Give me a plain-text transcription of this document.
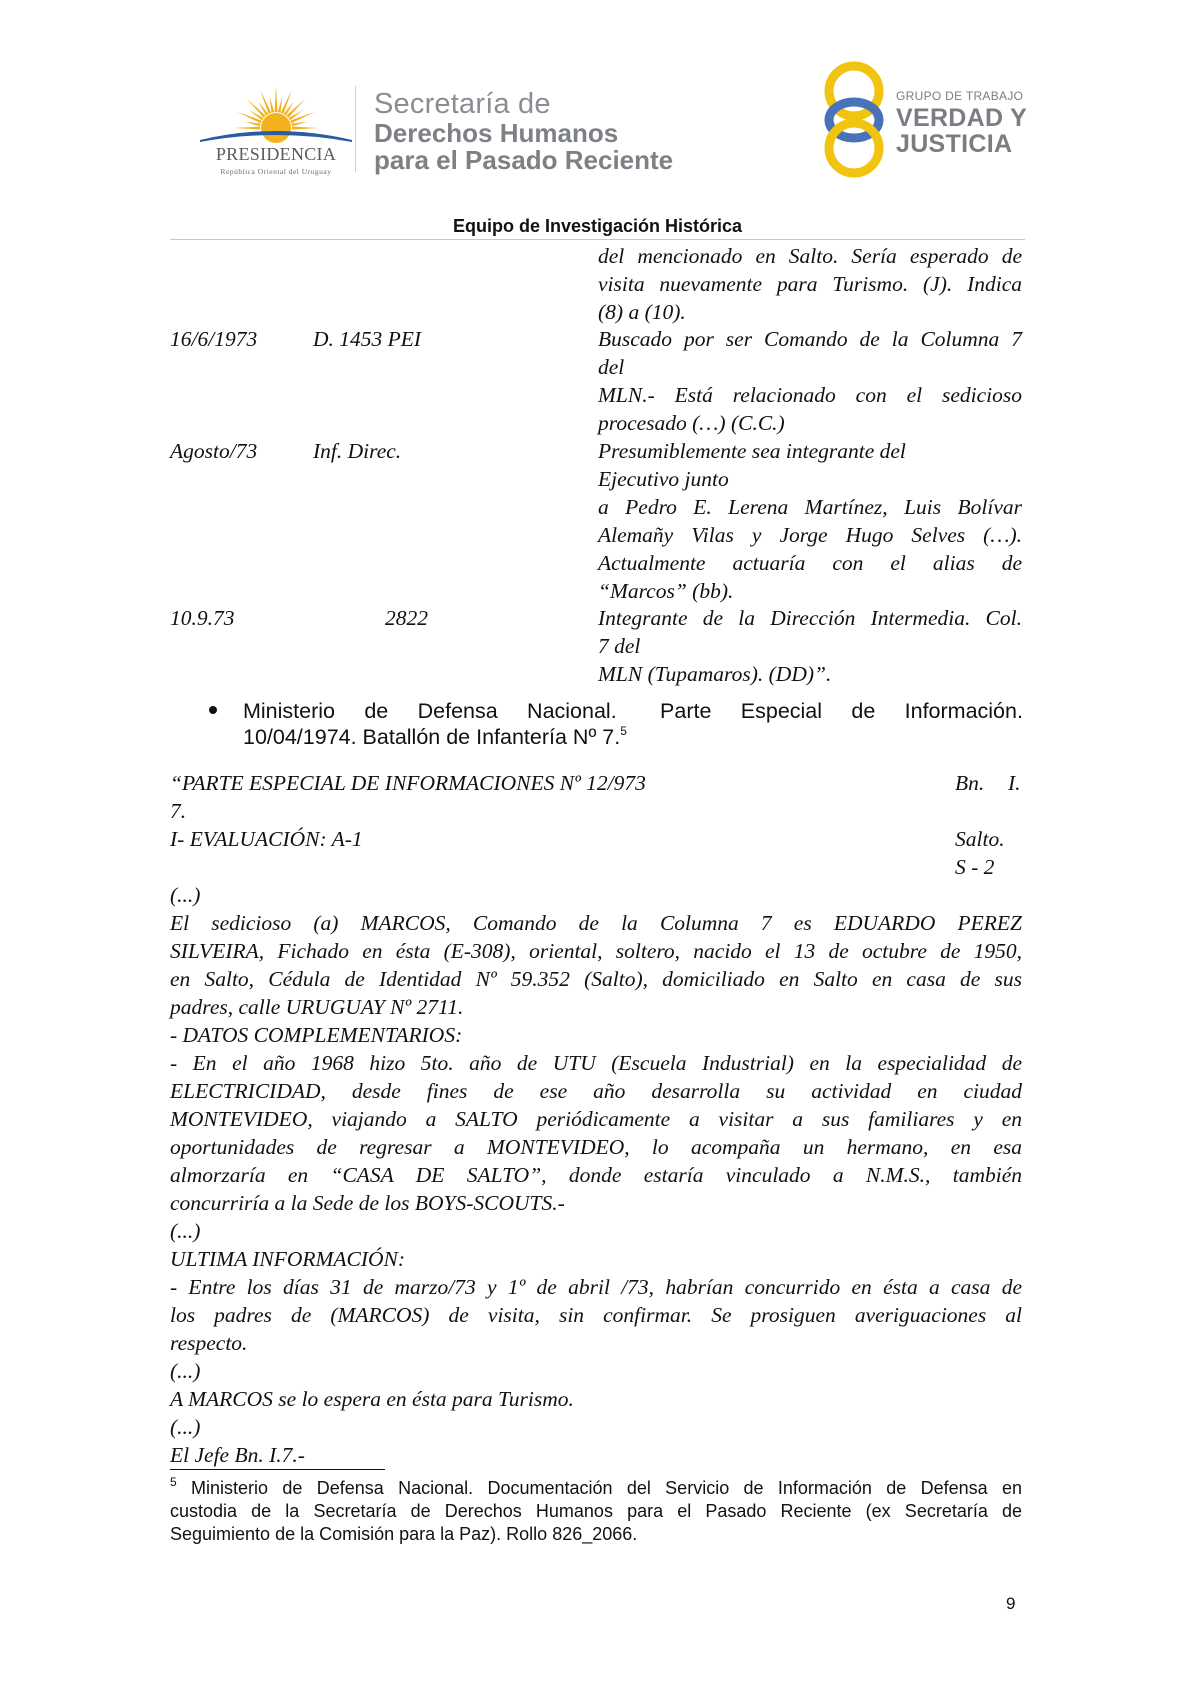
PRESIDENCIA
República Oriental del Uruguay
Secretaría de
Derechos Humanos
para el Pasado Reciente
GRUPO DE TRABAJO
VERDAD Y
JUSTICIA
Equipo de Investigación Histórica
del mencionado en Salto. Sería esperado de
visita nuevamente para Turismo. (J). Indica
(8) a (10).
16/6/1973	D. 1453 PEI	Buscado por ser Comando de la Columna 7
del
MLN.- Está relacionado con el sedicioso
procesado (…) (C.C.)
Agosto/73	Inf. Direc.	Presumiblemente sea integrante del
Ejecutivo junto
a Pedro E. Lerena Martínez, Luis Bolívar
Alemañy Vilas y Jorge Hugo Selves (…).
Actualmente actuaría con el alias de
“Marcos” (bb).
10.9.73	2822	Integrante de la Dirección Intermedia. Col.
7 del
MLN (Tupamaros). (DD)”.
Ministerio de Defensa Nacional. Parte Especial de Información.
10/04/1974. Batallón de Infantería Nº 7.$^5$
“PARTE ESPECIAL DE INFORMACIONES Nº 12/973	Bn. I.
7.
I- EVALUACIÓN: A-1	Salto.
S - 2
(...)
El sedicioso (a) MARCOS, Comando de la Columna 7 es EDUARDO PEREZ
SILVEIRA, Fichado en ésta (E-308), oriental, soltero, nacido el 13 de octubre de 1950,
en Salto, Cédula de Identidad Nº 59.352 (Salto), domiciliado en Salto en casa de sus
padres, calle URUGUAY Nº 2711.
- DATOS COMPLEMENTARIOS:
- En el año 1968 hizo 5to. año de UTU (Escuela Industrial) en la especialidad de
ELECTRICIDAD, desde fines de ese año desarrolla su actividad en ciudad
MONTEVIDEO, viajando a SALTO periódicamente a visitar a sus familiares y en
oportunidades de regresar a MONTEVIDEO, lo acompaña un hermano, en esa
almorzaría en “CASA DE SALTO”, donde estaría vinculado a N.M.S., también
concurriría a la Sede de los BOYS-SCOUTS.-
(...)
ULTIMA INFORMACIÓN:
- Entre los días 31 de marzo/73 y 1º de abril /73, habrían concurrido en ésta a casa de
los padres de (MARCOS) de visita, sin confirmar. Se prosiguen averiguaciones al
respecto.
(...)
A MARCOS se lo espera en ésta para Turismo.
(...)
El Jefe Bn. I.7.-
$^5$ Ministerio de Defensa Nacional. Documentación del Servicio de Información de Defensa en
custodia de la Secretaría de Derechos Humanos para el Pasado Reciente (ex Secretaría de
Seguimiento de la Comisión para la Paz). Rollo 826_2066.
9
